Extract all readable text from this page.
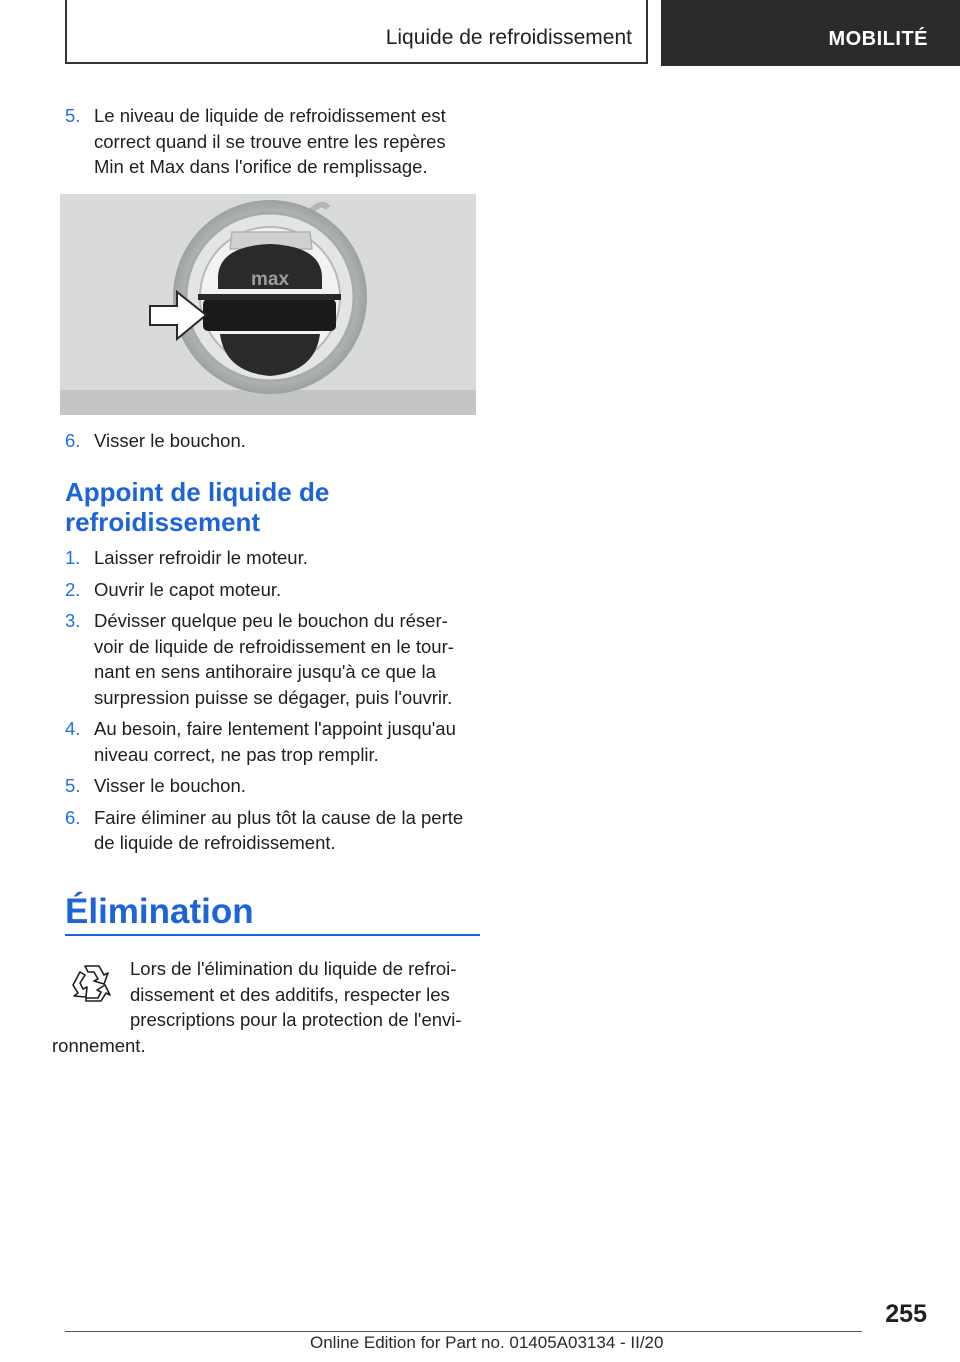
Liquide de refroidissement	MOBILITÉ
5. Le niveau de liquide de refroidissement est
correct quand il se trouve entre les repères
Min et Max dans l'orifice de remplissage.
max
6. Visser le bouchon.
Appoint de liquide de
refroidissement
1. Laisser refroidir le moteur.
2. Ouvrir le capot moteur.
3. Dévisser quelque peu le bouchon du réser-
voir de liquide de refroidissement en le tour-
nant en sens antihoraire jusqu'à ce que la
surpression puisse se dégager, puis l'ouvrir.
4. Au besoin, faire lentement l'appoint jusqu'au
niveau correct, ne pas trop remplir.
5. Visser le bouchon.
6. Faire éliminer au plus tôt la cause de la perte
de liquide de refroidissement.
Élimination
Lors de l'élimination du liquide de refroi-
dissement et des additifs, respecter les
prescriptions pour la protection de l'envi-
ronnement.
255
Online Edition for Part no. 01405A03134 - II/20
